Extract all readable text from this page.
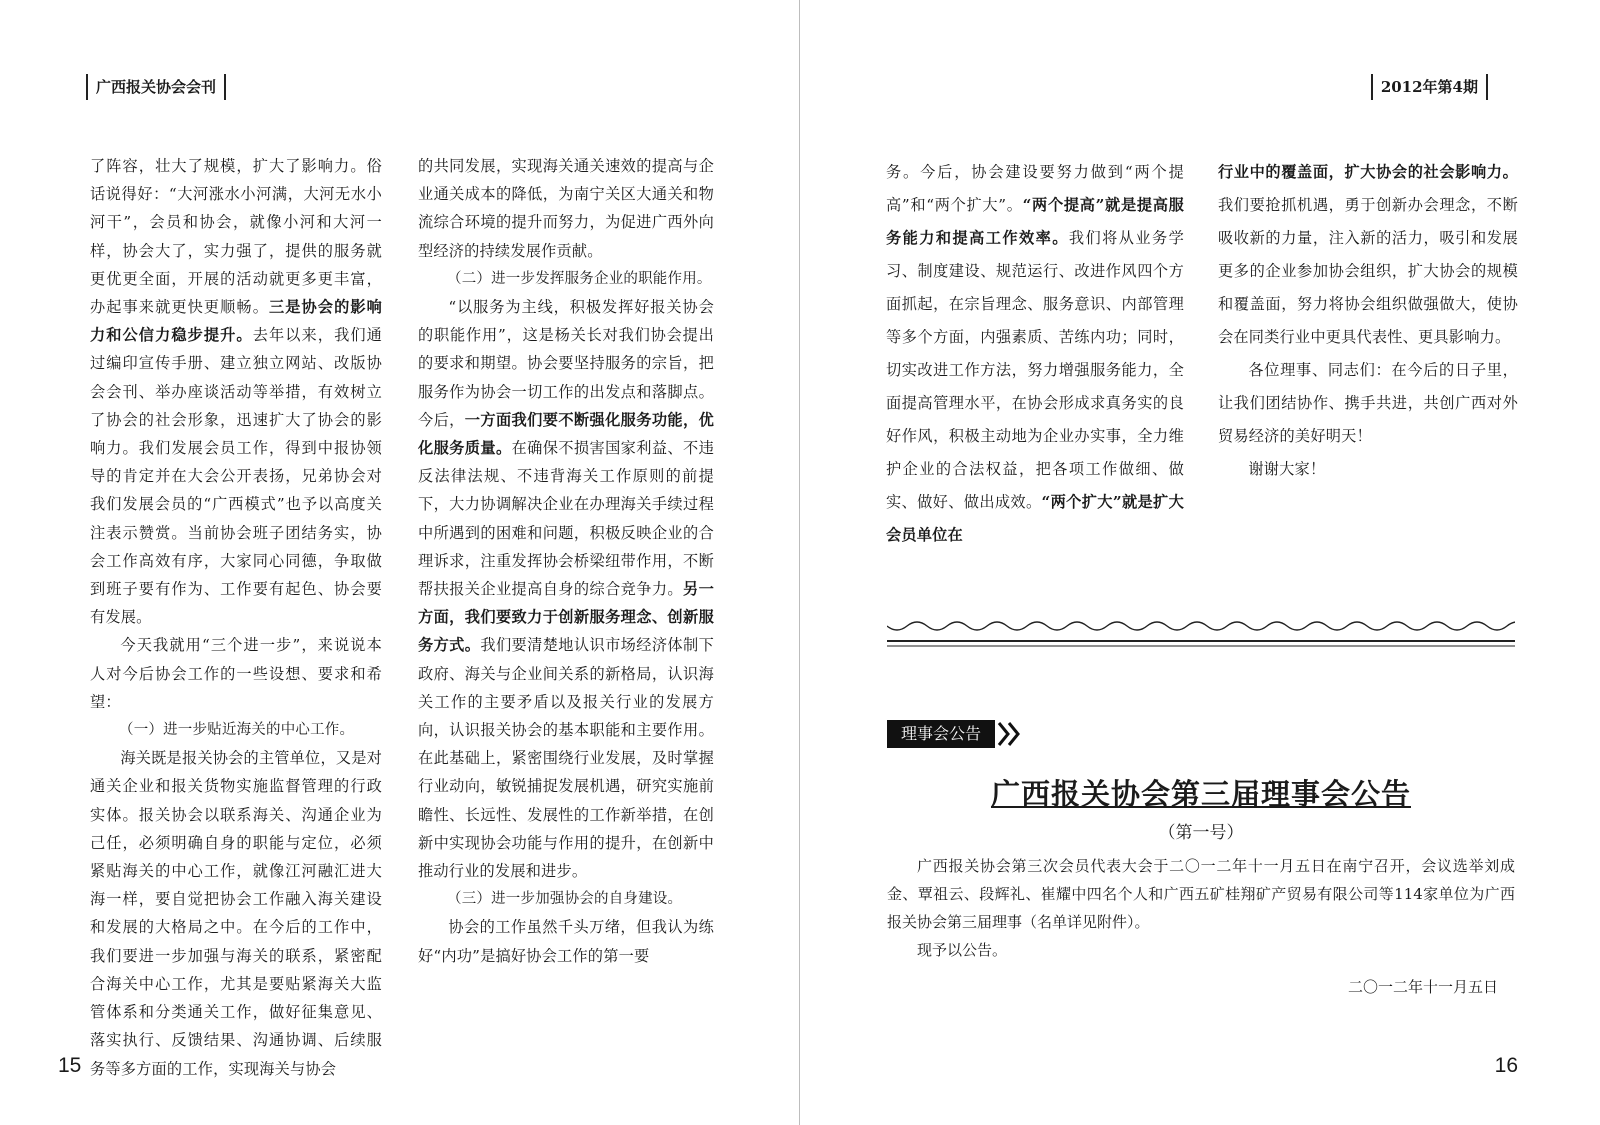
广西报关协会会刊

了阵容，壮大了规模，扩大了影响力。俗话说得好：“大河涨水小河满，大河无水小河干”，会员和协会，就像小河和大河一样，协会大了，实力强了，提供的服务就更优更全面，开展的活动就更多更丰富，办起事来就更快更顺畅。三是协会的影响力和公信力稳步提升。去年以来，我们通过编印宣传手册、建立独立网站、改版协会会刊、举办座谈活动等举措，有效树立了协会的社会形象，迅速扩大了协会的影响力。我们发展会员工作，得到中报协领导的肯定并在大会公开表扬，兄弟协会对我们发展会员的“广西模式”也予以高度关注表示赞赏。当前协会班子团结务实，协会工作高效有序，大家同心同德，争取做到班子要有作为、工作要有起色、协会要有发展。

今天我就用“三个进一步”，来说说本人对今后协会工作的一些设想、要求和希望：

（一）进一步贴近海关的中心工作。

海关既是报关协会的主管单位，又是对通关企业和报关货物实施监督管理的行政实体。报关协会以联系海关、沟通企业为己任，必须明确自身的职能与定位，必须紧贴海关的中心工作，就像江河融汇进大海一样，要自觉把协会工作融入海关建设和发展的大格局之中。在今后的工作中，我们要进一步加强与海关的联系，紧密配合海关中心工作，尤其是要贴紧海关大监管体系和分类通关工作，做好征集意见、落实执行、反馈结果、沟通协调、后续服务等多方面的工作，实现海关与协会

的共同发展，实现海关通关速效的提高与企业通关成本的降低，为南宁关区大通关和物流综合环境的提升而努力，为促进广西外向型经济的持续发展作贡献。

（二）进一步发挥服务企业的职能作用。

“以服务为主线，积极发挥好报关协会的职能作用”，这是杨关长对我们协会提出的要求和期望。协会要坚持服务的宗旨，把服务作为协会一切工作的出发点和落脚点。今后，一方面我们要不断强化服务功能，优化服务质量。在确保不损害国家利益、不违反法律法规、不违背海关工作原则的前提下，大力协调解决企业在办理海关手续过程中所遇到的困难和问题，积极反映企业的合理诉求，注重发挥协会桥梁纽带作用，不断帮扶报关企业提高自身的综合竞争力。另一方面，我们要致力于创新服务理念、创新服务方式。我们要清楚地认识市场经济体制下政府、海关与企业间关系的新格局，认识海关工作的主要矛盾以及报关行业的发展方向，认识报关协会的基本职能和主要作用。在此基础上，紧密围绕行业发展，及时掌握行业动向，敏锐捕捉发展机遇，研究实施前瞻性、长远性、发展性的工作新举措，在创新中实现协会功能与作用的提升，在创新中推动行业的发展和进步。

（三）进一步加强协会的自身建设。

协会的工作虽然千头万绪，但我认为练好“内功”是搞好协会工作的第一要

15
2012年第4期

务。今后，协会建设要努力做到“两个提高”和“两个扩大”。“两个提高”就是提高服务能力和提高工作效率。我们将从业务学习、制度建设、规范运行、改进作风四个方面抓起，在宗旨理念、服务意识、内部管理等多个方面，内强素质、苦练内功；同时，切实改进工作方法，努力增强服务能力，全面提高管理水平，在协会形成求真务实的良好作风，积极主动地为企业办实事，全力维护企业的合法权益，把各项工作做细、做实、做好、做出成效。“两个扩大”就是扩大会员单位在

行业中的覆盖面，扩大协会的社会影响力。我们要抢抓机遇，勇于创新办会理念，不断吸收新的力量，注入新的活力，吸引和发展更多的企业参加协会组织，扩大协会的规模和覆盖面，努力将协会组织做强做大，使协会在同类行业中更具代表性、更具影响力。

各位理事、同志们：在今后的日子里，让我们团结协作、携手共进，共创广西对外贸易经济的美好明天！

谢谢大家！

理事会公告
广西报关协会第三届理事会公告
（第一号）

广西报关协会第三次会员代表大会于二〇一二年十一月五日在南宁召开，会议选举刘成金、覃祖云、段辉礼、崔耀中四名个人和广西五矿桂翔矿产贸易有限公司等114家单位为广西报关协会第三届理事（名单详见附件）。

现予以公告。

二〇一二年十一月五日
16
